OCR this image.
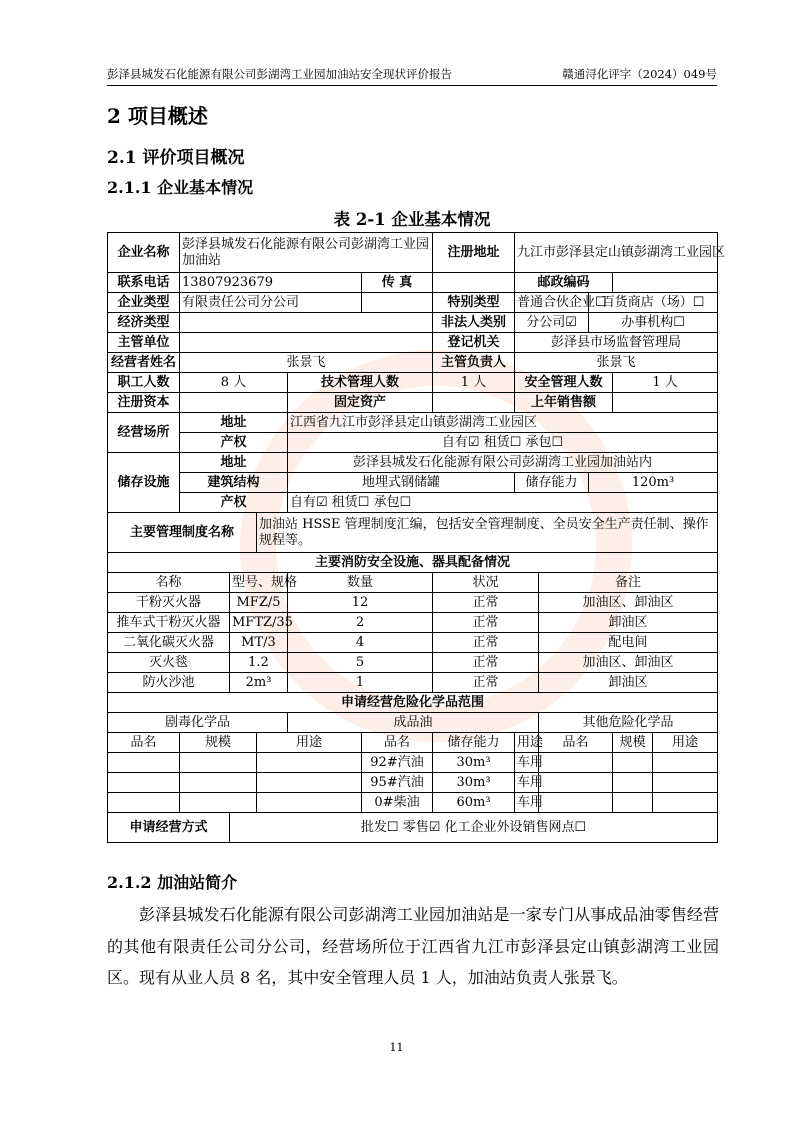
彭泽县城发石化能源有限公司彭湖湾工业园加油站安全现状评价报告	赣通浔化评字（2024）049号
2 项目概述
2.1 评价项目概况
2.1.1 企业基本情况
表 2-1 企业基本情况
企业名称	彭泽县城发石化能源有限公司彭湖湾工业园加油站					注册地址	九江市彭泽县定山镇彭湖湾工业园区				
联系电话	13807923679				传 真		邮政编码				
企业类型	有限责任公司分公司					特别类型	普通合伙企业☐		百货商店（场）☐		
经济类型						非法人类别	分公司☑		办事机构☐		
主管单位						登记机关	彭泽县市场监督管理局				
经营者姓名	张景飞					主管负责人	张景飞				
职工人数	8 人			技术管理人数		1 人	安全管理人数			1 人	
注册资本				固定资产			上年销售额				
经营场所	地址			江西省九江市彭泽县定山镇彭湖湾工业园区							
	产权			自有☑ 租赁☐ 承包☐							
储存设施	地址			彭泽县城发石化能源有限公司彭湖湾工业园加油站内							
	建筑结构			地埋式钢储罐			储存能力		120m³		
	产权			自有☑ 租赁☐ 承包☐							
主要管理制度名称			加油站 HSSE 管理制度汇编，包括安全管理制度、全员安全生产责任制、操作规程等。								
主要消防安全设施、器具配备情况											
名称		型号、规格		数量		状况		备注			
干粉灭火器		MFZ/5		12		正常		加油区、卸油区			
推车式干粉灭火器		MFTZ/35		2		正常		卸油区			
二氧化碳灭火器		MT/3		4		正常		配电间			
灭火毯		1.2		5		正常		加油区、卸油区			
防火沙池		2m³		1		正常		卸油区			
申请经营危险化学品范围											
剧毒化学品				成品油				其他危险化学品			
品名	规模		用途		品名	储存能力	用途	品名		规模	用途
					92#汽油	30m³	车用				
					95#汽油	30m³	车用				
					0#柴油	60m³	车用				
申请经营方式		批发☐ 零售☑ 化工企业外设销售网点☐									
2.1.2 加油站简介
彭泽县城发石化能源有限公司彭湖湾工业园加油站是一家专门从事成品油零售经营的其他有限责任公司分公司，经营场所位于江西省九江市彭泽县定山镇彭湖湾工业园区。现有从业人员 8 名，其中安全管理人员 1 人，加油站负责人张景飞。
11
